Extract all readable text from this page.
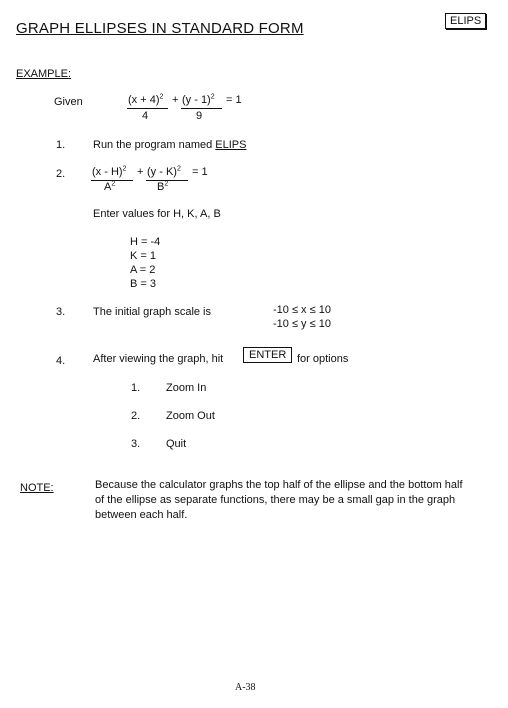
GRAPH ELLIPSES IN STANDARD FORM	ELIPS
EXAMPLE:
Given	$(x + 4)^2 + (y - 1)^2 = 1$
4	9
1.	Run the program named ELIPS
2. (x - H)$^2$ + (y - K)$^2$ = 1
$A^2$	$B^2$
Enter values for H, K, A, B
H = -4
K = 1
A = 2
B = 3
3.	The initial graph scale is	-10 ≤ x ≤ 10
-10 ≤ y ≤ 10
4.	After viewing the graph, hit	ENTER for options
1. Zoom In
2. Zoom Out
3. Quit
NOTE:	Because the calculator graphs the top half of the ellipse and the bottom half
of the ellipse as separate functions, there may be a small gap in the graph
between each half.
A-38
